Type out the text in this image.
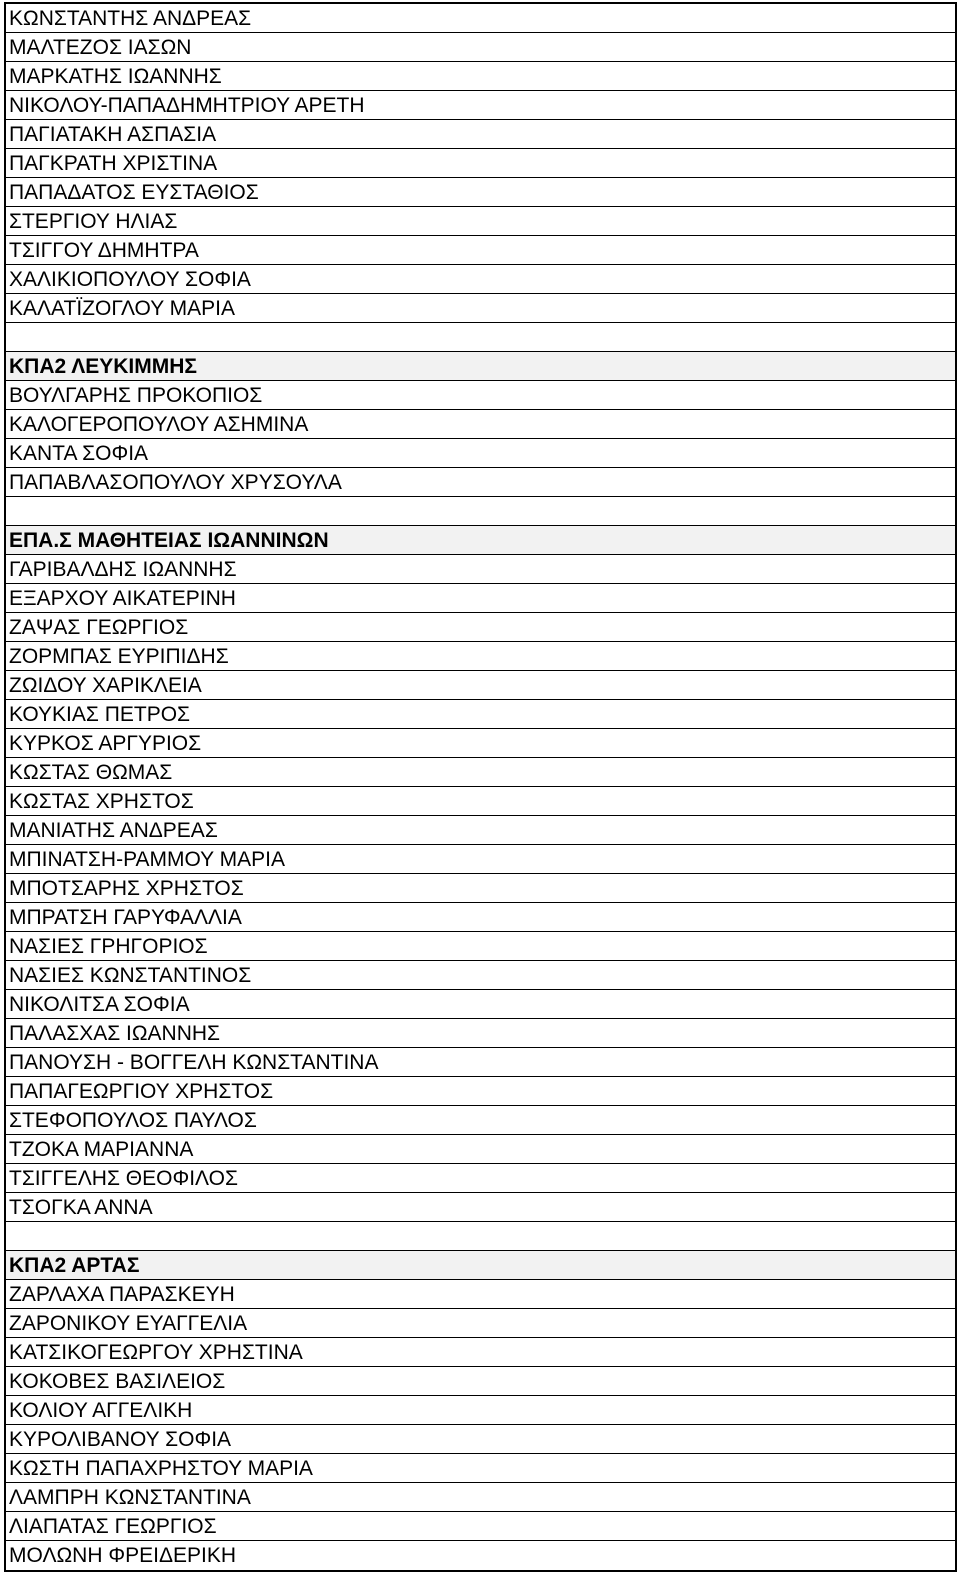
ΚΩΝΣΤΑΝΤΗΣ ΑΝΔΡΕΑΣ
ΜΑΛΤΕΖΟΣ ΙΑΣΩΝ
ΜΑΡΚΑΤΗΣ ΙΩΑΝΝΗΣ
ΝΙΚΟΛΟΥ-ΠΑΠΑΔΗΜΗΤΡΙΟΥ ΑΡΕΤΗ
ΠΑΓΙΑΤΑΚΗ ΑΣΠΑΣΙΑ
ΠΑΓΚΡΑΤΗ ΧΡΙΣΤΙΝΑ
ΠΑΠΑΔΑΤΟΣ ΕΥΣΤΑΘΙΟΣ
ΣΤΕΡΓΙΟΥ ΗΛΙΑΣ
ΤΣΙΓΓΟΥ ΔΗΜΗΤΡΑ
ΧΑΛΙΚΙΟΠΟΥΛΟΥ ΣΟΦΙΑ
ΚΑΛΑΤΪΖΟΓΛΟΥ ΜΑΡΙΑ
ΚΠΑ2 ΛΕΥΚΙΜΜΗΣ
ΒΟΥΛΓΑΡΗΣ ΠΡΟΚΟΠΙΟΣ
ΚΑΛΟΓΕΡΟΠΟΥΛΟΥ ΑΣΗΜΙΝΑ
ΚΑΝΤΑ ΣΟΦΙΑ
ΠΑΠΑΒΛΑΣΟΠΟΥΛΟΥ ΧΡΥΣΟΥΛΑ
ΕΠΑ.Σ ΜΑΘΗΤΕΙΑΣ ΙΩΑΝΝΙΝΩΝ
ΓΑΡΙΒΑΛΔΗΣ ΙΩΑΝΝΗΣ
ΕΞΑΡΧΟΥ ΑΙΚΑΤΕΡΙΝΗ
ΖΑΨΑΣ ΓΕΩΡΓΙΟΣ
ΖΟΡΜΠΑΣ ΕΥΡΙΠΙΔΗΣ
ΖΩΙΔΟΥ ΧΑΡΙΚΛΕΙΑ
ΚΟΥΚΙΑΣ ΠΕΤΡΟΣ
ΚΥΡΚΟΣ ΑΡΓΥΡΙΟΣ
ΚΩΣΤΑΣ ΘΩΜΑΣ
ΚΩΣΤΑΣ ΧΡΗΣΤΟΣ
ΜΑΝΙΑΤΗΣ ΑΝΔΡΕΑΣ
ΜΠΙΝΑΤΣΗ-ΡΑΜΜΟΥ ΜΑΡΙΑ
ΜΠΟΤΣΑΡΗΣ ΧΡΗΣΤΟΣ
ΜΠΡΑΤΣΗ ΓΑΡΥΦΑΛΛΙΑ
ΝΑΣΙΕΣ ΓΡΗΓΟΡΙΟΣ
ΝΑΣΙΕΣ ΚΩΝΣΤΑΝΤΙΝΟΣ
ΝΙΚΟΛΙΤΣΑ ΣΟΦΙΑ
ΠΑΛΑΣΧΑΣ ΙΩΑΝΝΗΣ
ΠΑΝΟΥΣΗ - ΒΟΓΓΕΛΗ ΚΩΝΣΤΑΝΤΙΝΑ
ΠΑΠΑΓΕΩΡΓΙΟΥ ΧΡΗΣΤΟΣ
ΣΤΕΦΟΠΟΥΛΟΣ ΠΑΥΛΟΣ
ΤΖΟΚΑ ΜΑΡΙΑΝΝΑ
ΤΣΙΓΓΕΛΗΣ ΘΕΟΦΙΛΟΣ
ΤΣΟΓΚΑ ΑΝΝΑ
ΚΠΑ2 ΑΡΤΑΣ
ΖΑΡΛΑΧΑ ΠΑΡΑΣΚΕΥΗ
ΖΑΡΟΝΙΚΟΥ ΕΥΑΓΓΕΛΙΑ
ΚΑΤΣΙΚΟΓΕΩΡΓΟΥ ΧΡΗΣΤΙΝΑ
ΚΟΚΟΒΕΣ ΒΑΣΙΛΕΙΟΣ
ΚΟΛΙΟΥ ΑΓΓΕΛΙΚΗ
ΚΥΡΟΛΙΒΑΝΟΥ ΣΟΦΙΑ
ΚΩΣΤΗ ΠΑΠΑΧΡΗΣΤΟΥ ΜΑΡΙΑ
ΛΑΜΠΡΗ ΚΩΝΣΤΑΝΤΙΝΑ
ΛΙΑΠΑΤΑΣ ΓΕΩΡΓΙΟΣ
ΜΟΛΩΝΗ ΦΡΕΙΔΕΡΙΚΗ
